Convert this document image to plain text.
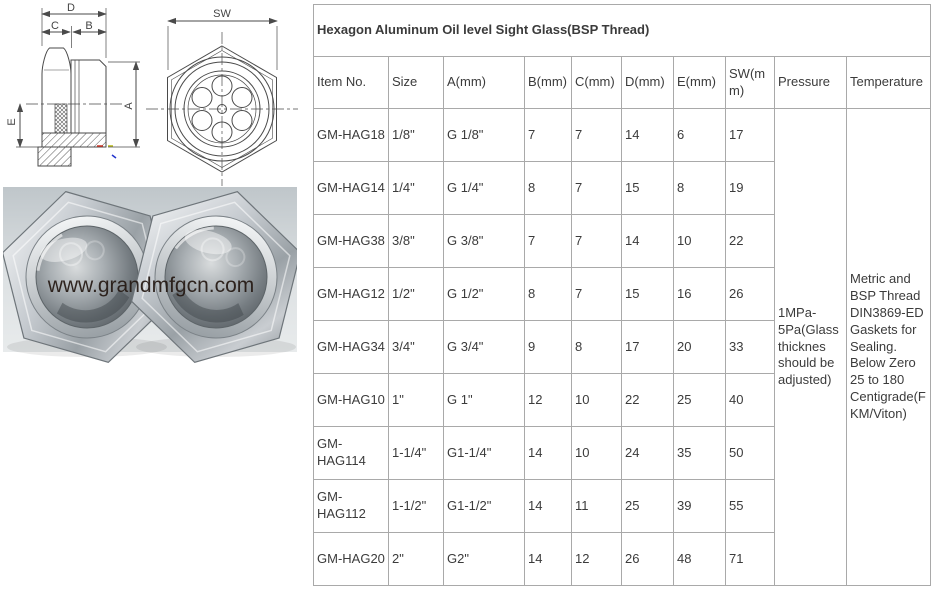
D
C B
E
A
SW
www.grandmfgcn.com
Hexagon Aluminum Oil level Sight Glass(BSP Thread)									
Item No.	Size	A(mm)	B(mm)	C(mm)	D(mm)	E(mm)	SW(mm)	Pressure	Temperature
GM-HAG18	1/8"	G 1/8"	7	7	14	6	17	1MPa-5Pa(Glass thicknes should be adjusted)	Metric and BSP Thread DIN3869-ED Gaskets for Sealing. Below Zero 25 to 180 Centigrade(FKM/Viton)
GM-HAG14	1/4"	G 1/4"	8	7	15	8	19		
GM-HAG38	3/8"	G 3/8"	7	7	14	10	22		
GM-HAG12	1/2"	G 1/2"	8	7	15	16	26		
GM-HAG34	3/4"	G 3/4"	9	8	17	20	33		
GM-HAG10	1"	G 1"	12	10	22	25	40		
GM-HAG114	1-1/4"	G1-1/4"	14	10	24	35	50		
GM-HAG112	1-1/2"	G1-1/2"	14	11	25	39	55		
GM-HAG20	2"	G2"	14	12	26	48	71		
